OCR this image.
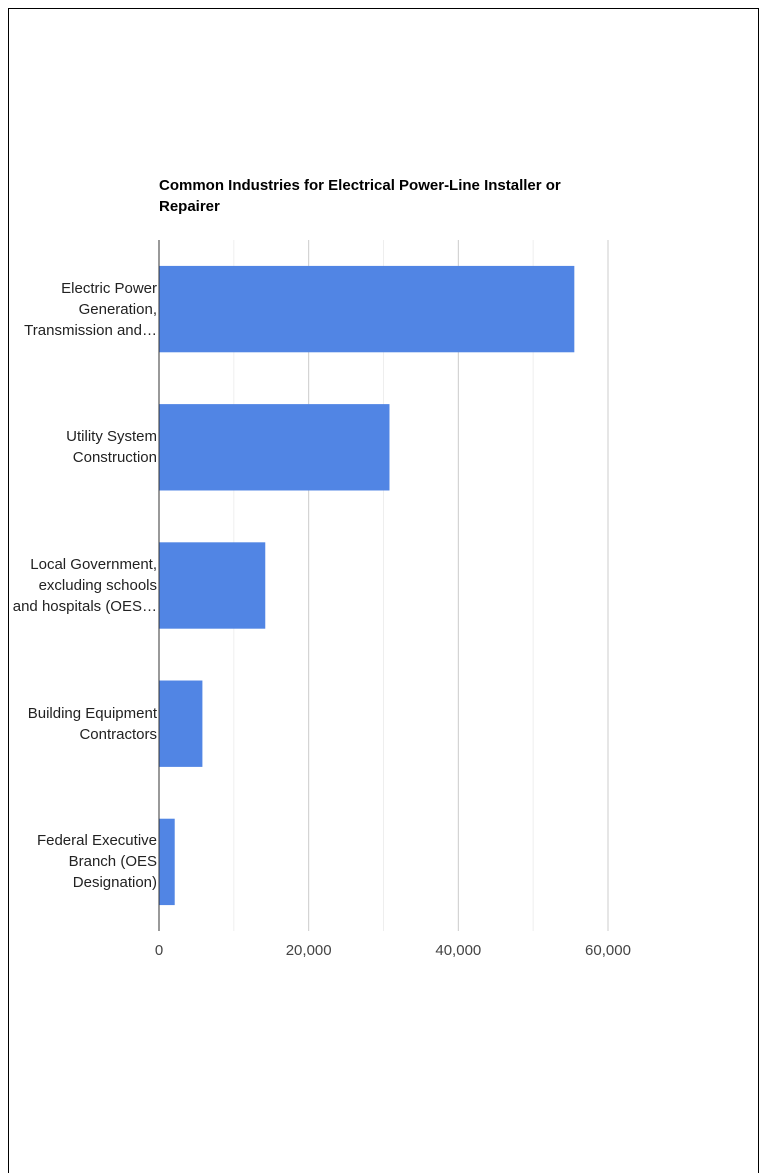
Common Industries for Electrical Power-Line Installer or Repairer
0	20,000	40,000	60,000
Electric Power
Generation,
Transmission and…
Utility System
Construction
Local Government,
excluding schools
and hospitals (OES…
Building Equipment
Contractors
Federal Executive
Branch (OES
Designation)
